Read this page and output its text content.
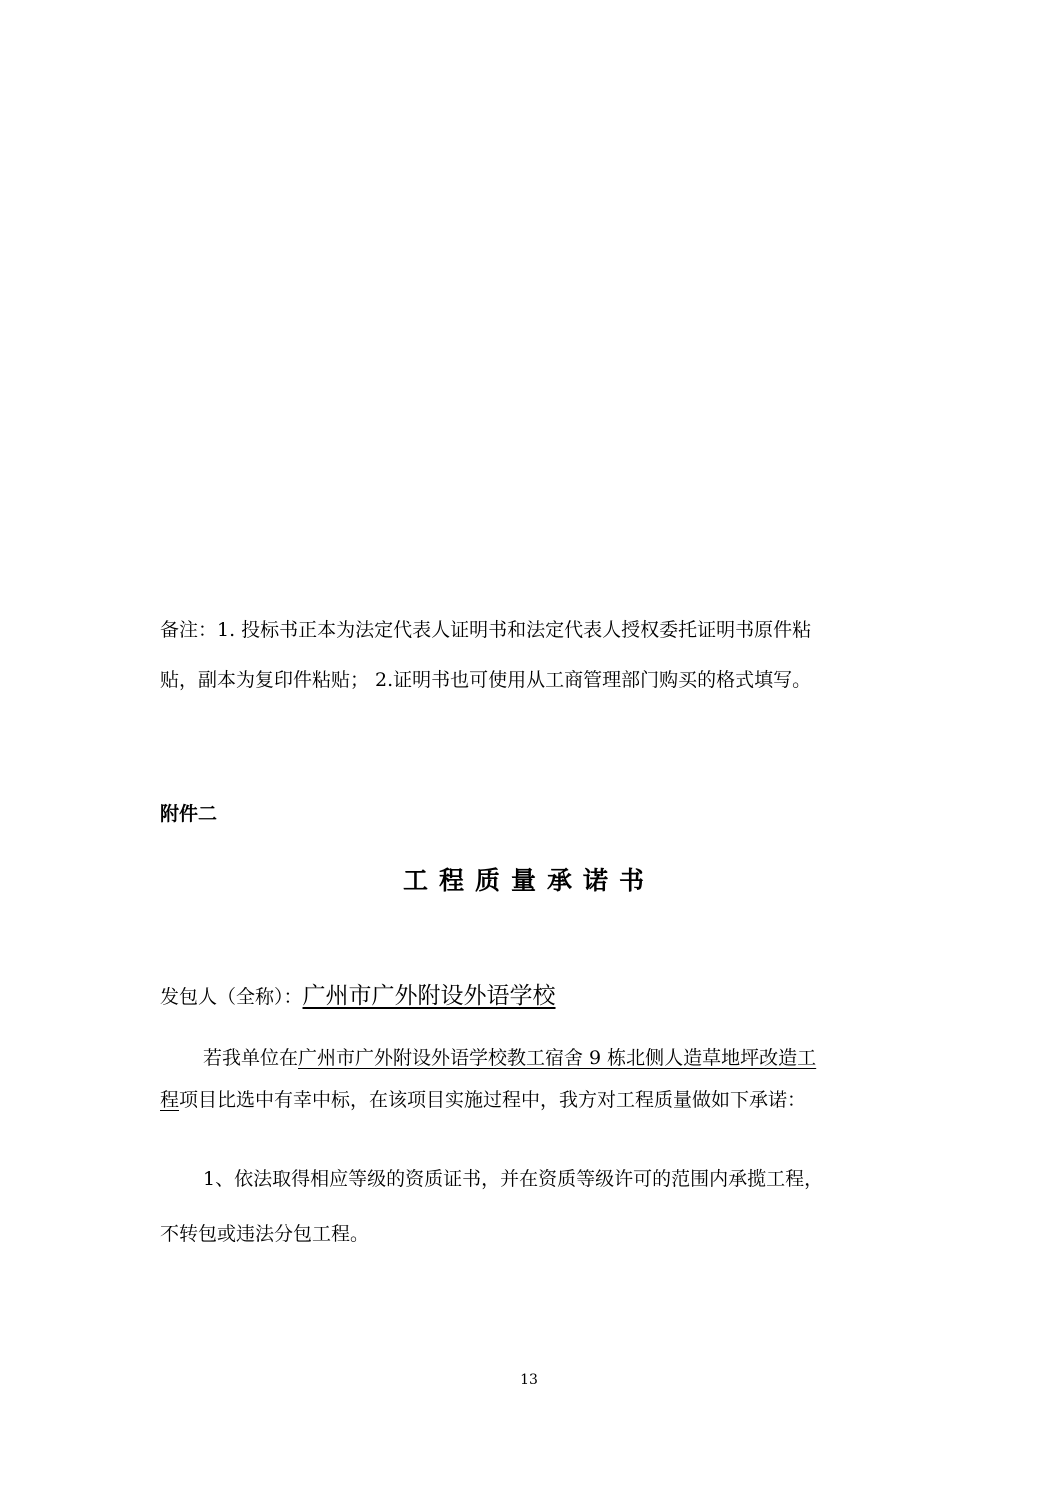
备注：1. 投标书正本为法定代表人证明书和法定代表人授权委托证明书原件粘
贴，副本为复印件粘贴； 2.证明书也可使用从工商管理部门购买的格式填写。
附件二
工程质量承诺书
发包人（全称）：广州市广外附设外语学校
若我单位在广州市广外附设外语学校教工宿舍 9 栋北侧人造草地坪改造工
程项目比选中有幸中标，在该项目实施过程中，我方对工程质量做如下承诺：
1、依法取得相应等级的资质证书，并在资质等级许可的范围内承揽工程，
不转包或违法分包工程。
13
